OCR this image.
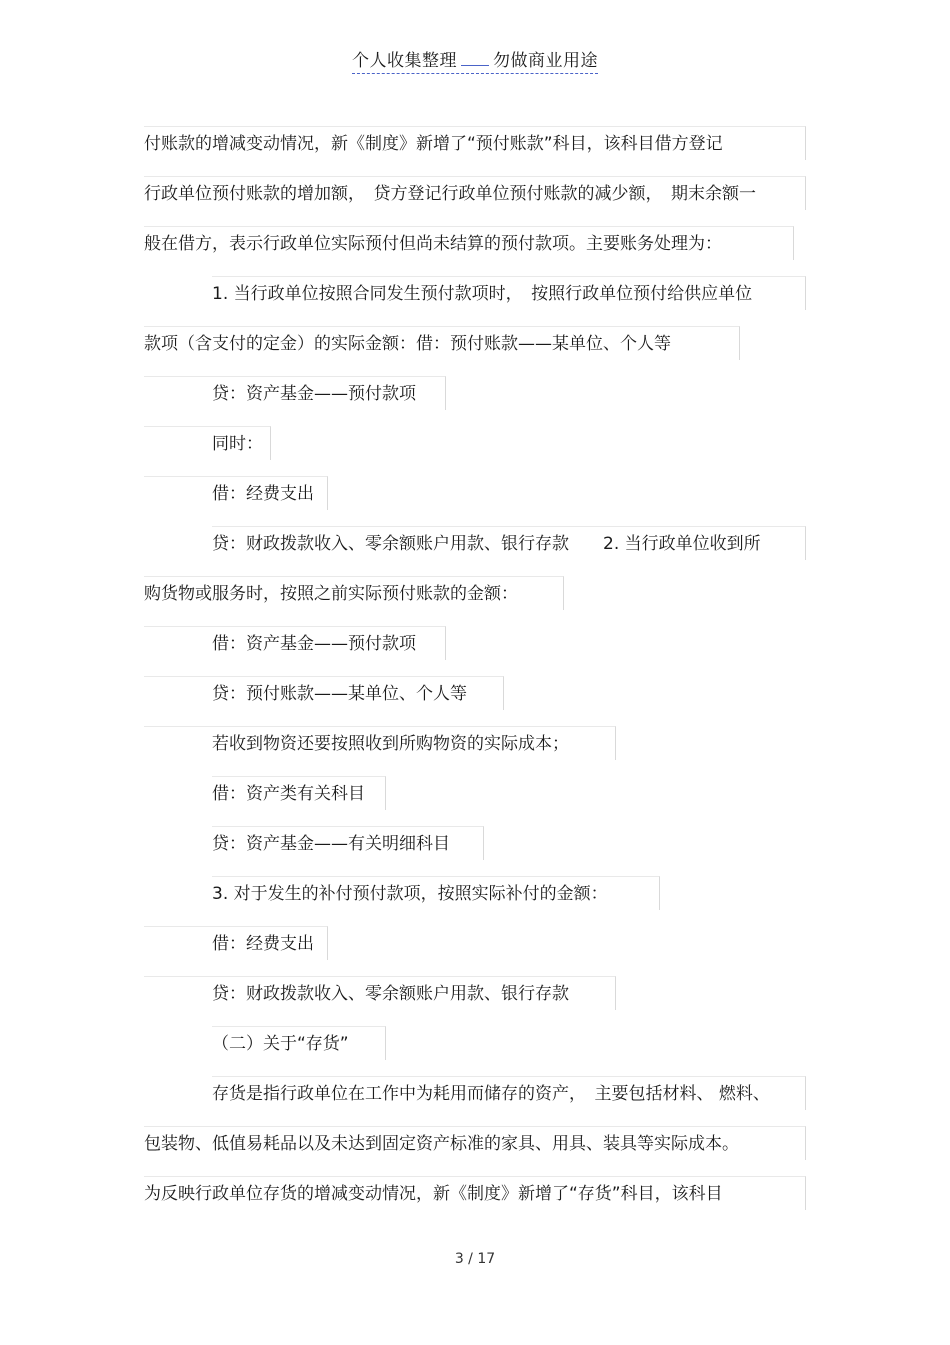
个人收集整理 勿做商业用途
付账款的增减变动情况，新《制度》新增了“预付账款”科目，该科目借方登记
行政单位预付账款的增加额，　贷方登记行政单位预付账款的减少额，　期末余额一
般在借方，表示行政单位实际预付但尚未结算的预付款项。主要账务处理为：
1. 当行政单位按照合同发生预付款项时，　按照行政单位预付给供应单位
款项（含支付的定金）的实际金额：借：预付账款——某单位、个人等
贷：资产基金——预付款项
同时：
借：经费支出
贷：财政拨款收入、零余额账户用款、银行存款　　2. 当行政单位收到所
购货物或服务时，按照之前实际预付账款的金额：
借：资产基金——预付款项
贷：预付账款——某单位、个人等
若收到物资还要按照收到所购物资的实际成本；
借：资产类有关科目
贷：资产基金——有关明细科目
3. 对于发生的补付预付款项，按照实际补付的金额：
借：经费支出
贷：财政拨款收入、零余额账户用款、银行存款
（二）关于“存货”
存货是指行政单位在工作中为耗用而储存的资产，　主要包括材料、 燃料、
包装物、低值易耗品以及未达到固定资产标准的家具、用具、装具等实际成本。
为反映行政单位存货的增减变动情况，新《制度》新增了“存货”科目，该科目
3 / 17
